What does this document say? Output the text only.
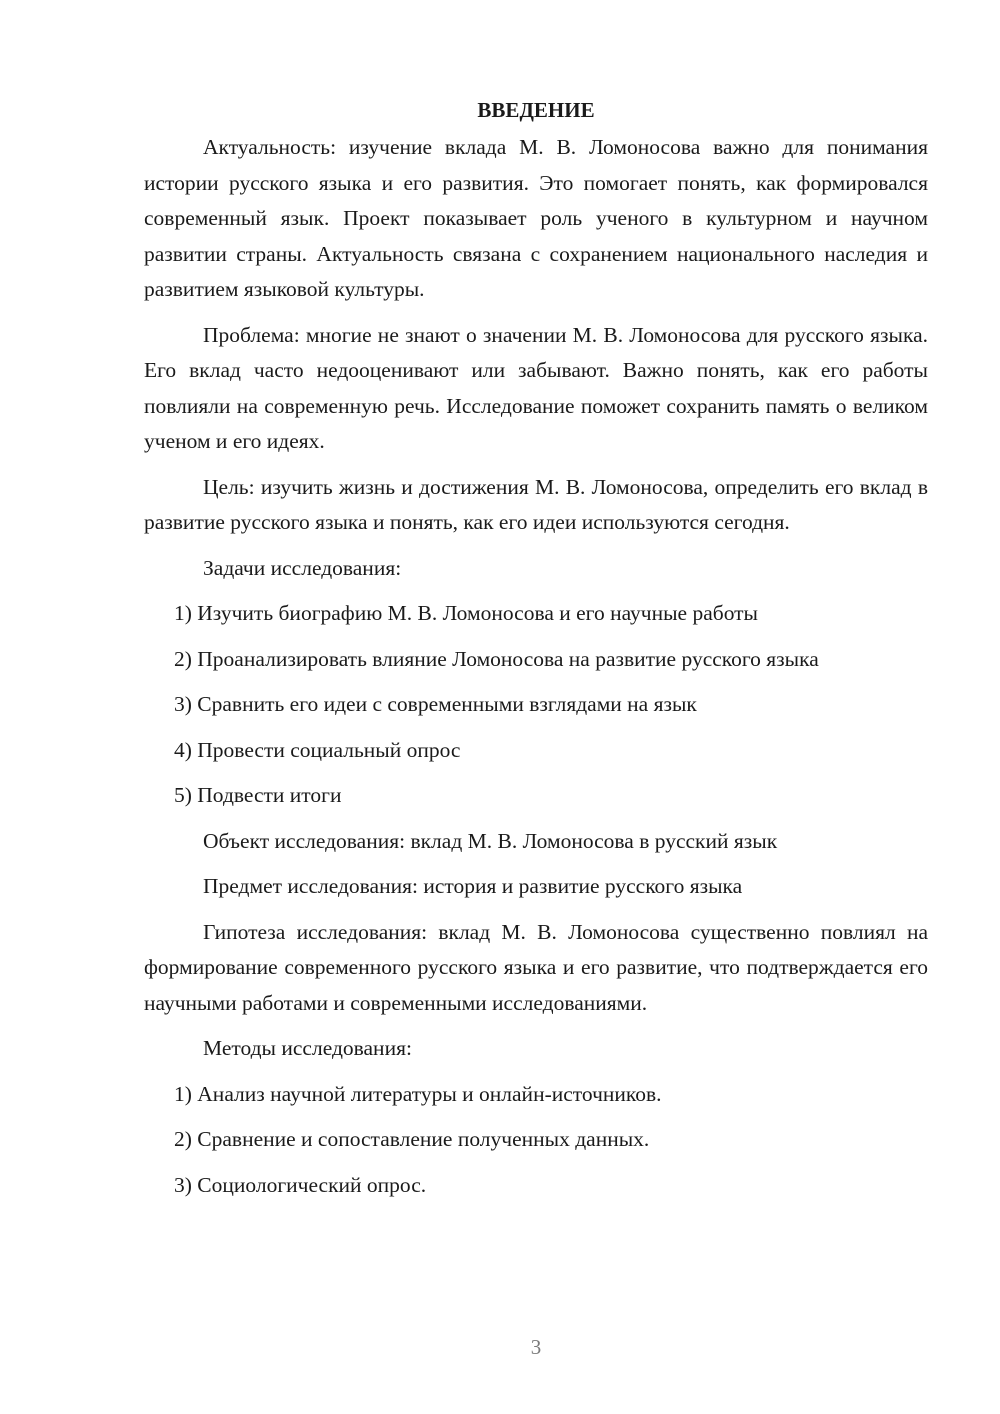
ВВЕДЕНИЕ

Актуальность: изучение вклада М. В. Ломоносова важно для понимания истории русского языка и его развития. Это помогает понять, как формировался современный язык. Проект показывает роль ученого в культурном и научном развитии страны. Актуальность связана с сохранением национального наследия и развитием языковой культуры.

Проблема: многие не знают о значении М. В. Ломоносова для русского языка. Его вклад часто недооценивают или забывают. Важно понять, как его работы повлияли на современную речь. Исследование поможет сохранить память о великом ученом и его идеях.

Цель: изучить жизнь и достижения М. В. Ломоносова, определить его вклад в развитие русского языка и понять, как его идеи используются сегодня.

Задачи исследования:

1) Изучить биографию М. В. Ломоносова и его научные работы

2) Проанализировать влияние Ломоносова на развитие русского языка

3) Сравнить его идеи с современными взглядами на язык

4) Провести социальный опрос

5) Подвести итоги

Объект исследования: вклад М. В. Ломоносова в русский язык

Предмет исследования: история и развитие русского языка

Гипотеза исследования: вклад М. В. Ломоносова существенно повлиял на формирование современного русского языка и его развитие, что подтверждается его научными работами и современными исследованиями.

Методы исследования:

1) Анализ научной литературы и онлайн-источников.

2) Сравнение и сопоставление полученных данных.

3) Социологический опрос.

3
